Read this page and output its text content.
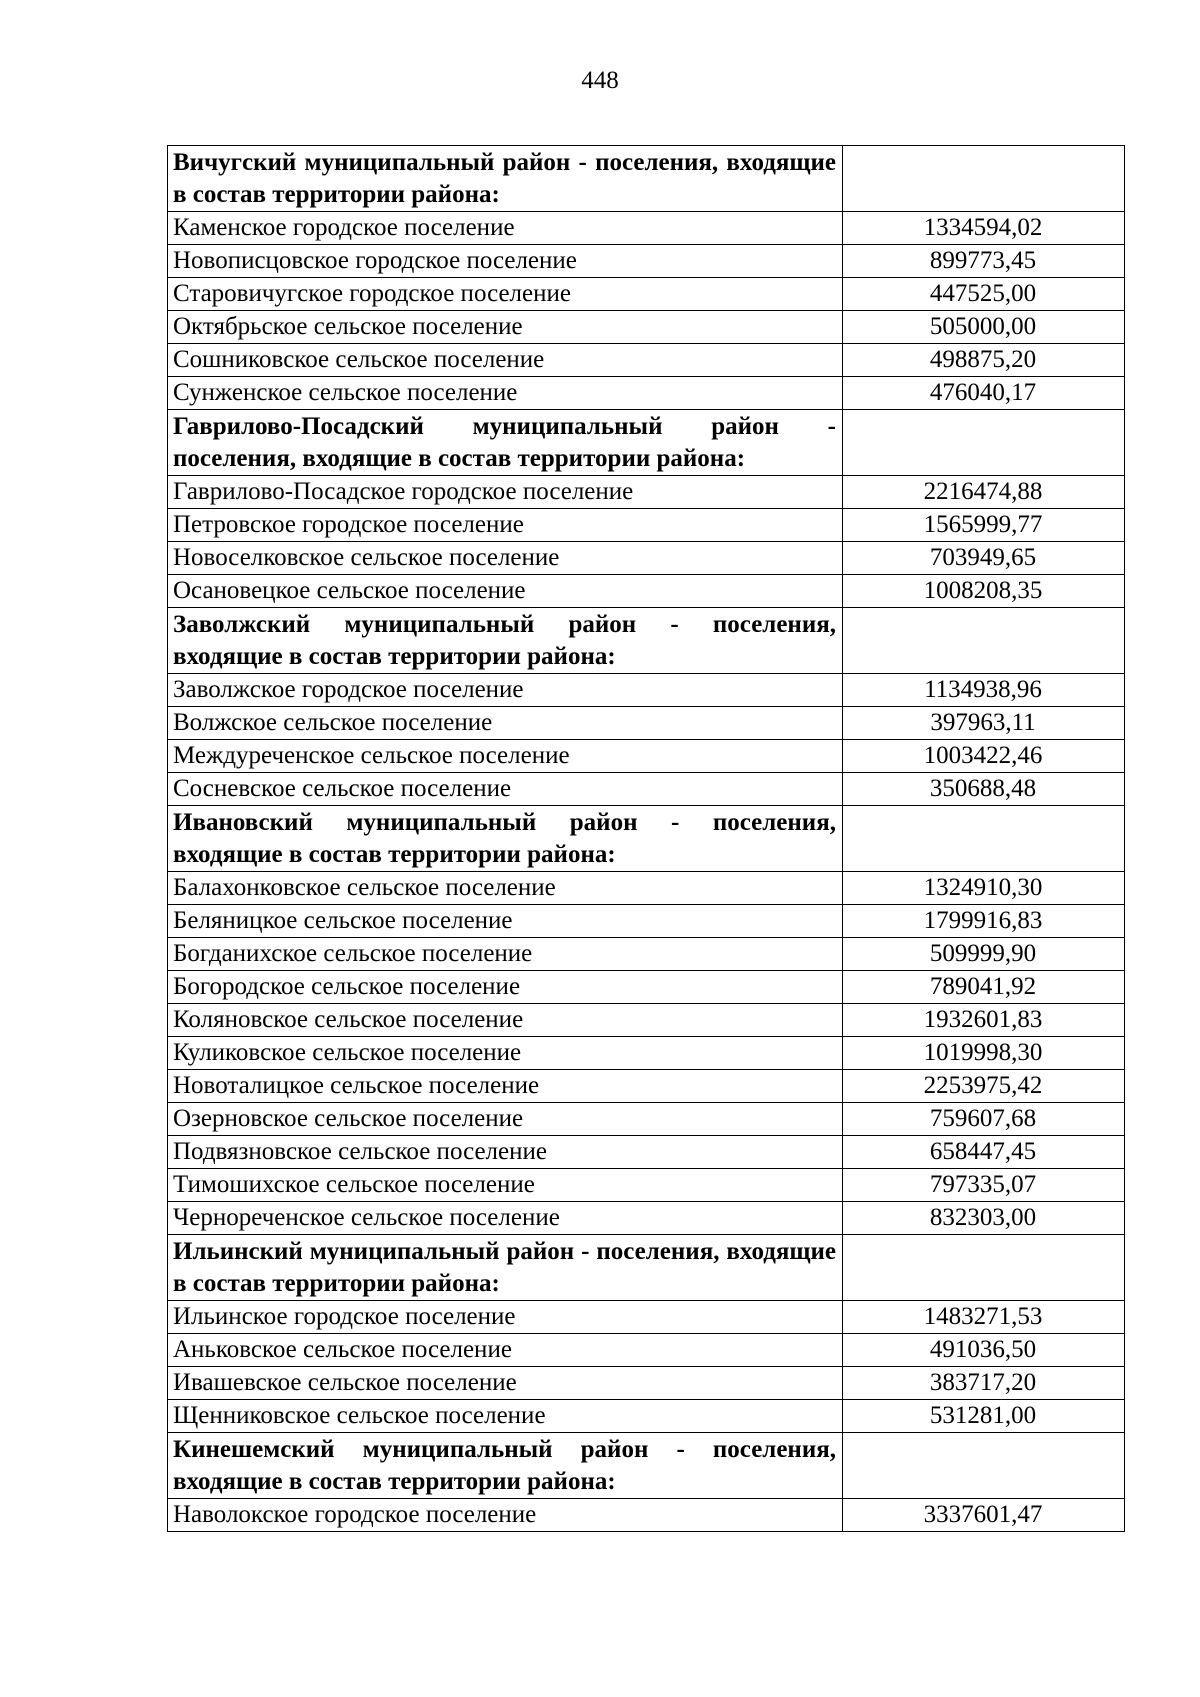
448
Вичугский муниципальный район - поселения, входящие в состав территории района:	
Каменское городское поселение	1334594,02
Новописцовское городское поселение	899773,45
Старовичугское городское поселение	447525,00
Октябрьское сельское поселение	505000,00
Сошниковское сельское поселение	498875,20
Сунженское сельское поселение	476040,17
Гаврилово-Посадский муниципальный район - поселения, входящие в состав территории района:	
Гаврилово-Посадское городское поселение	2216474,88
Петровское городское поселение	1565999,77
Новоселковское сельское поселение	703949,65
Осановецкое сельское поселение	1008208,35
Заволжский муниципальный район - поселения, входящие в состав территории района:	
Заволжское городское поселение	1134938,96
Волжское сельское поселение	397963,11
Междуреченское сельское поселение	1003422,46
Сосневское сельское поселение	350688,48
Ивановский муниципальный район - поселения, входящие в состав территории района:	
Балахонковское сельское поселение	1324910,30
Беляницкое сельское поселение	1799916,83
Богданихское сельское поселение	509999,90
Богородское сельское поселение	789041,92
Коляновское сельское поселение	1932601,83
Куликовское сельское поселение	1019998,30
Новоталицкое сельское поселение	2253975,42
Озерновское сельское поселение	759607,68
Подвязновское сельское поселение	658447,45
Тимошихское сельское поселение	797335,07
Чернореченское сельское поселение	832303,00
Ильинский муниципальный район - поселения, входящие в состав территории района:	
Ильинское городское поселение	1483271,53
Аньковское сельское поселение	491036,50
Ивашевское сельское поселение	383717,20
Щенниковское сельское поселение	531281,00
Кинешемский муниципальный район - поселения, входящие в состав территории района:	
Наволокское городское поселение	3337601,47
